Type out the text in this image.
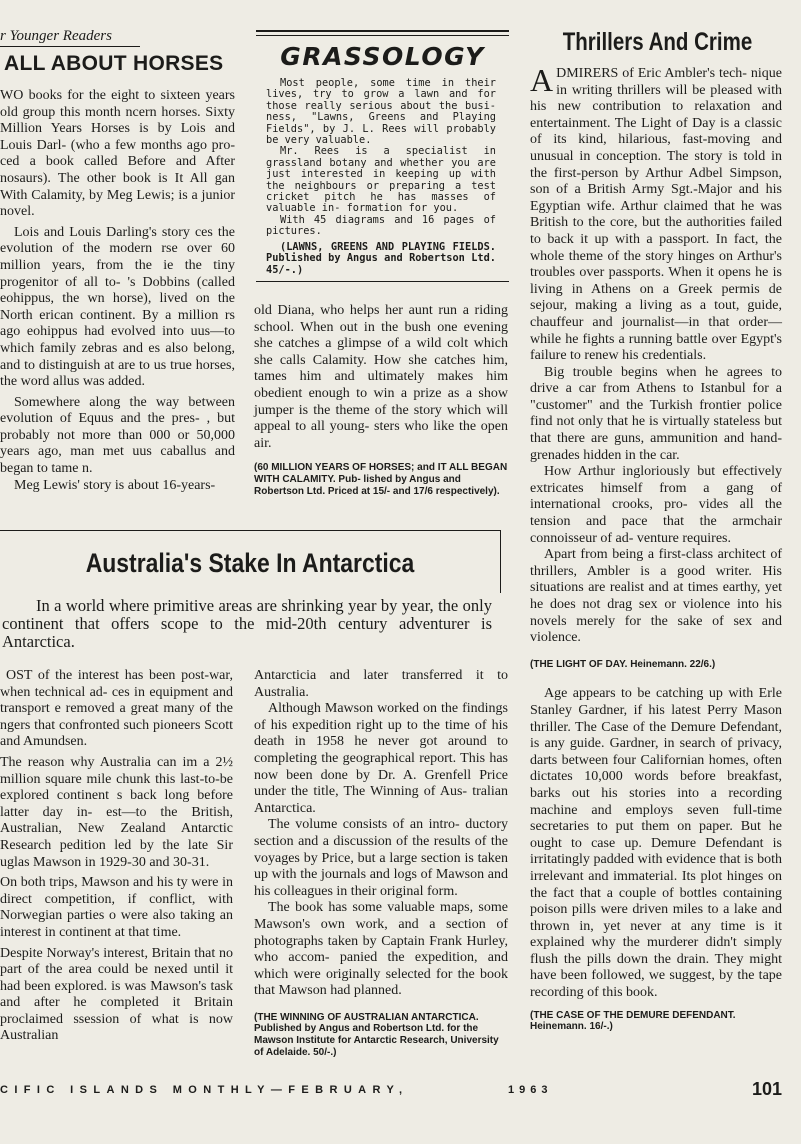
r Younger Readers
ALL ABOUT HORSES

WO books for the eight to sixteen years old group this month ncern horses. Sixty Million Years Horses is by Lois and Louis Darl- (who a few months ago pro- ced a book called Before and After nosaurs). The other book is It All gan With Calamity, by Meg Lewis; is a junior novel.

Lois and Louis Darling's story ces the evolution of the modern rse over 60 million years, from the ie the tiny progenitor of all to- 's Dobbins (called eohippus, the wn horse), lived on the North erican continent. By a million rs ago eohippus had evolved into uus—to which family zebras and es also belong, and to distinguish at are to us true horses, the word allus was added.

Somewhere along the way between evolution of Equus and the pres- , but probably not more than 000 or 50,000 years ago, man met uus caballus and began to tame n.

Meg Lewis' story is about 16-years-

old Diana, who helps her aunt run a riding school. When out in the bush one evening she catches a glimpse of a wild colt which she calls Calamity. How she catches him, tames him and ultimately makes him obedient enough to win a prize as a show jumper is the theme of the story which will appeal to all young- sters who like the open air.

(60 MILLION YEARS OF HORSES; and IT ALL BEGAN WITH CALAMITY. Pub- lished by Angus and Robertson Ltd. Priced at 15/- and 17/6 respectively).

GRASSOLOGY

Most people, some time in their lives, try to grow a lawn and for those really serious about the busi- ness, "Lawns, Greens and Playing Fields", by J. L. Rees will probably be very valuable.

Mr. Rees is a specialist in grassland botany and whether you are just interested in keeping up with the neighbours or preparing a test cricket pitch he has masses of valuable in- formation for you.

With 45 diagrams and 16 pages of pictures.

(LAWNS, GREENS AND PLAYING FIELDS. Published by Angus and Robertson Ltd. 45/-.)

Thrillers And Crime

ADMIRERS of Eric Ambler's tech- nique in writing thrillers will be pleased with his new contribution to relaxation and entertainment. The Light of Day is a classic of its kind, hilarious, fast-moving and unusual in conception. The story is told in the first-person by Arthur Adbel Simpson, son of a British Army Sgt.-Major and his Egyptian wife. Arthur claimed that he was British to the core, but the authorities failed to back it up with a passport. In fact, the whole theme of the story hinges on Arthur's troubles over passports. When it opens he is living in Athens on a Greek permis de sejour, making a living as a tout, guide, chauffeur and journalist—in that order—while he fights a running battle over Egypt's failure to renew his credentials.

Big trouble begins when he agrees to drive a car from Athens to Istanbul for a "customer" and the Turkish frontier police find not only that he is virtually stateless but that there are guns, ammunition and hand-grenades hidden in the car.

How Arthur ingloriously but effectively extricates himself from a gang of international crooks, pro- vides all the tension and pace that the armchair connoisseur of ad- venture requires.

Apart from being a first-class architect of thrillers, Ambler is a good writer. His situations are realist and at times earthy, yet he does not drag sex or violence into his novels merely for the sake of sex and violence.

(THE LIGHT OF DAY. Heinemann. 22/6.)

Age appears to be catching up with Erle Stanley Gardner, if his latest Perry Mason thriller. The Case of the Demure Defendant, is any guide. Gardner, in search of privacy, darts between four Californian homes, often dictates 10,000 words before breakfast, barks out his stories into a recording machine and employs seven full-time secretaries to put them on paper. But he ought to case up. Demure Defendant is irritatingly padded with evidence that is both irrelevant and immaterial. Its plot hinges on the fact that a couple of bottles containing poison pills were driven miles to a lake and thrown in, yet never at any time is it explained why the murderer didn't simply flush the pills down the drain. They might have been followed, we suggest, by the tape recording of this book.

(THE CASE OF THE DEMURE DEFENDANT. Heinemann. 16/-.)

Australia's Stake In Antarctica
In a world where primitive areas are shrinking year by year, the only continent that offers scope to the mid-20th century adventurer is Antarctica.

OST of the interest has been post-war, when technical ad- ces in equipment and transport e removed a great many of the ngers that confronted such pioneers Scott and Amundsen.

The reason why Australia can im a 2½ million square mile chunk this last-to-be explored continent s back long before latter day in- est—to the British, Australian, New Zealand Antarctic Research pedition led by the late Sir uglas Mawson in 1929-30 and 30-31.

On both trips, Mawson and his ty were in direct competition, if conflict, with Norwegian parties o were also taking an interest in continent at that time.

Despite Norway's interest, Britain that no part of the area could be nexed until it had been explored. is was Mawson's task and after he completed it Britain proclaimed ssession of what is now Australian

Antarcticia and later transferred it to Australia.

Although Mawson worked on the findings of his expedition right up to the time of his death in 1958 he never got around to completing the geographical report. This has now been done by Dr. A. Grenfell Price under the title, The Winning of Aus- tralian Antarctica.

The volume consists of an intro- ductory section and a discussion of the results of the voyages by Price, but a large section is taken up with the journals and logs of Mawson and his colleagues in their original form.

The book has some valuable maps, some Mawson's own work, and a section of photographs taken by Captain Frank Hurley, who accom- panied the expedition, and which were originally selected for the book that Mawson had planned.

(THE WINNING OF AUSTRALIAN ANTARCTICA. Published by Angus and Robertson Ltd. for the Mawson Institute for Antarctic Research, University of Adelaide. 50/-.)

CIFIC ISLANDS MONTHLY—FEBRUARY,	1963	101
